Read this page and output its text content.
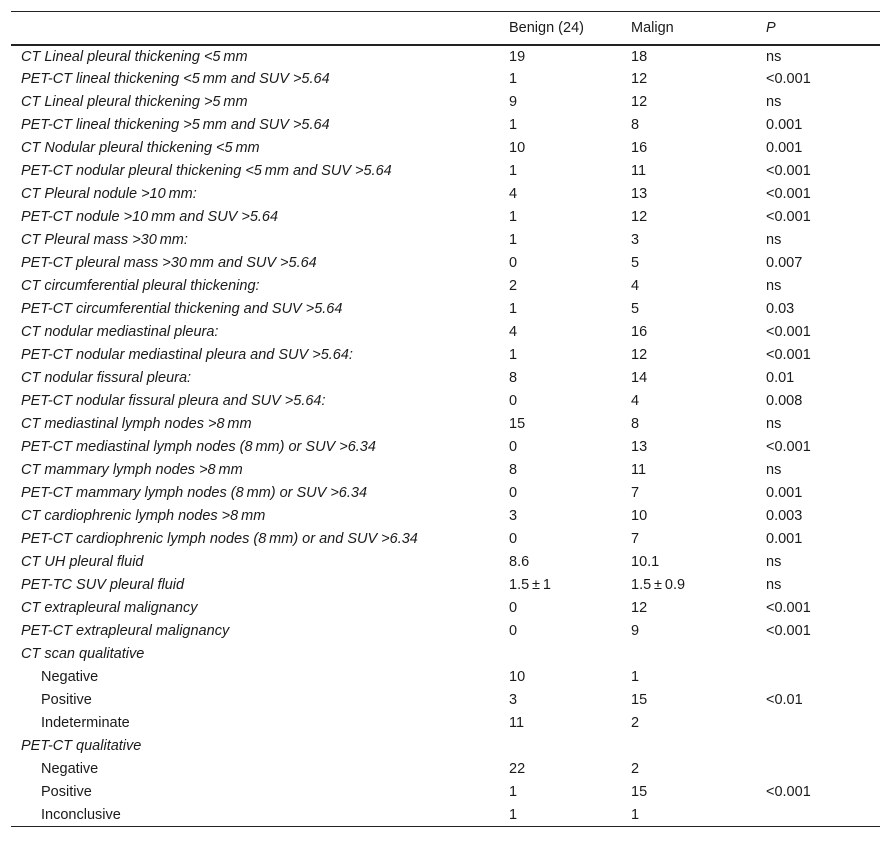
	Benign (24)	Malign	P
CT Lineal pleural thickening <5 mm	19	18	ns
PET-CT lineal thickening <5 mm and SUV >5.64	1	12	<0.001
CT Lineal pleural thickening >5 mm	9	12	ns
PET-CT lineal thickening >5 mm and SUV >5.64	1	8	0.001
CT Nodular pleural thickening <5 mm	10	16	0.001
PET-CT nodular pleural thickening <5 mm and SUV >5.64	1	11	<0.001
CT Pleural nodule >10 mm:	4	13	<0.001
PET-CT nodule >10 mm and SUV >5.64	1	12	<0.001
CT Pleural mass >30 mm:	1	3	ns
PET-CT pleural mass >30 mm and SUV >5.64	0	5	0.007
CT circumferential pleural thickening:	2	4	ns
PET-CT circumferential thickening and SUV >5.64	1	5	0.03
CT nodular mediastinal pleura:	4	16	<0.001
PET-CT nodular mediastinal pleura and SUV >5.64:	1	12	<0.001
CT nodular fissural pleura:	8	14	0.01
PET-CT nodular fissural pleura and SUV >5.64:	0	4	0.008
CT mediastinal lymph nodes >8 mm	15	8	ns
PET-CT mediastinal lymph nodes (8 mm) or SUV >6.34	0	13	<0.001
CT mammary lymph nodes >8 mm	8	11	ns
PET-CT mammary lymph nodes (8 mm) or SUV >6.34	0	7	0.001
CT cardiophrenic lymph nodes >8 mm	3	10	0.003
PET-CT cardiophrenic lymph nodes (8 mm) or and SUV >6.34	0	7	0.001
CT UH pleural fluid	8.6	10.1	ns
PET-TC SUV pleural fluid	1.5 ± 1	1.5 ± 0.9	ns
CT extrapleural malignancy	0	12	<0.001
PET-CT extrapleural malignancy	0	9	<0.001
CT scan qualitative			
Negative	10	1	
Positive	3	15	<0.01
Indeterminate	11	2	
PET-CT qualitative			
Negative	22	2	
Positive	1	15	<0.001
Inconclusive	1	1	
